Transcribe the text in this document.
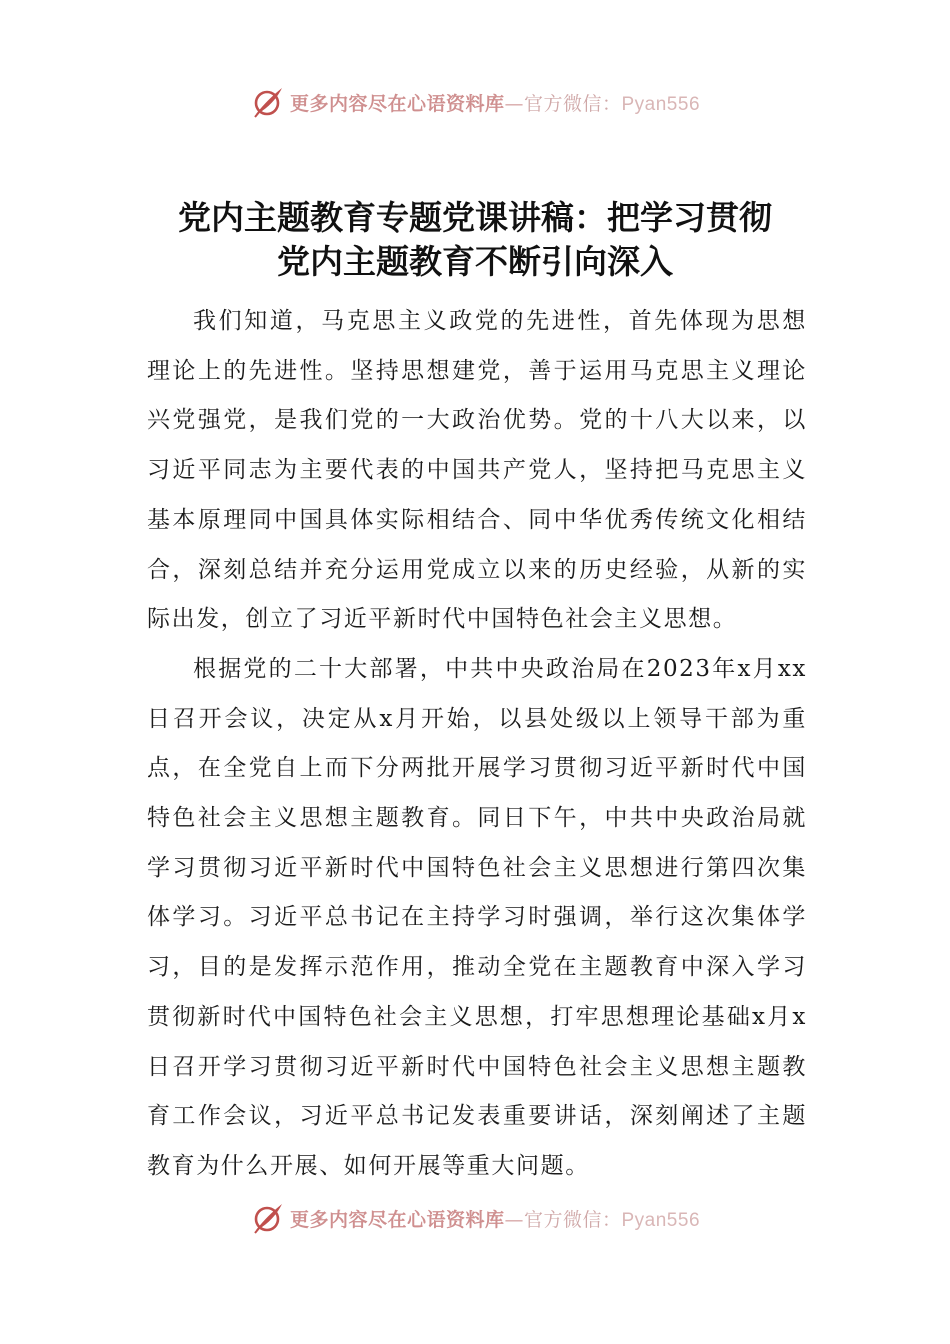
更多内容尽在心语资料库—官方微信：Pyan556
党内主题教育专题党课讲稿：把学习贯彻
党内主题教育不断引向深入

我们知道，马克思主义政党的先进性，首先体现为思想理论上的先进性。坚持思想建党，善于运用马克思主义理论兴党强党，是我们党的一大政治优势。党的十八大以来，以习近平同志为主要代表的中国共产党人，坚持把马克思主义基本原理同中国具体实际相结合、同中华优秀传统文化相结合，深刻总结并充分运用党成立以来的历史经验，从新的实际出发，创立了习近平新时代中国特色社会主义思想。

根据党的二十大部署，中共中央政治局在2023年x月xx日召开会议，决定从x月开始，以县处级以上领导干部为重点，在全党自上而下分两批开展学习贯彻习近平新时代中国特色社会主义思想主题教育。同日下午，中共中央政治局就学习贯彻习近平新时代中国特色社会主义思想进行第四次集体学习。习近平总书记在主持学习时强调，举行这次集体学习，目的是发挥示范作用，推动全党在主题教育中深入学习贯彻新时代中国特色社会主义思想，打牢思想理论基础x月x日召开学习贯彻习近平新时代中国特色社会主义思想主题教育工作会议，习近平总书记发表重要讲话，深刻阐述了主题教育为什么开展、如何开展等重大问题。

更多内容尽在心语资料库—官方微信：Pyan556
